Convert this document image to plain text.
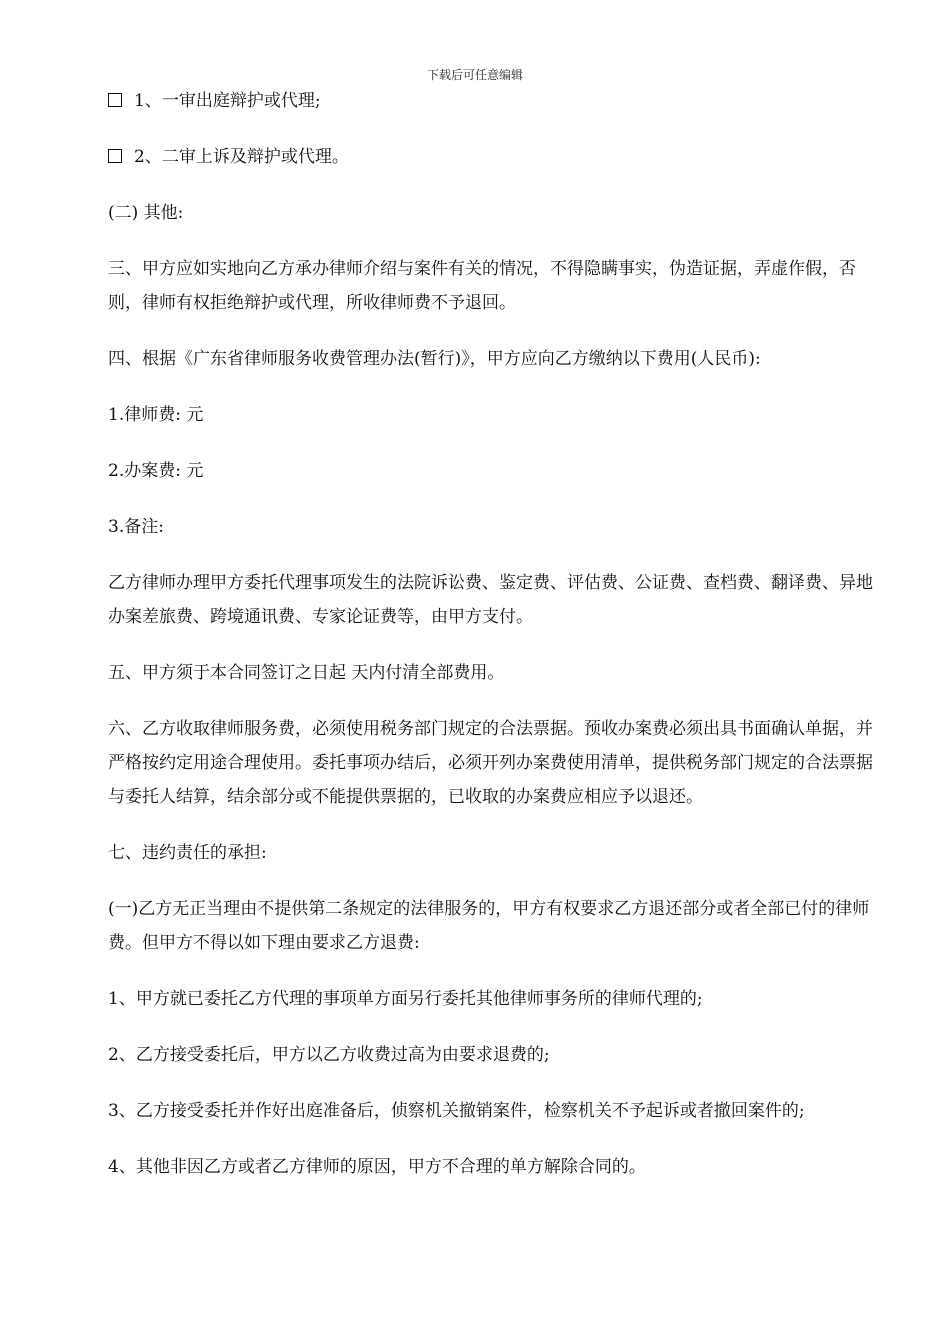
下载后可任意编辑

1、一审出庭辩护或代理;

2、二审上诉及辩护或代理。

(二) 其他:

三、甲方应如实地向乙方承办律师介绍与案件有关的情况，不得隐瞒事实，伪造证据，弄虚作假，否则，律师有权拒绝辩护或代理，所收律师费不予退回。

四、根据《广东省律师服务收费管理办法(暂行)》，甲方应向乙方缴纳以下费用(人民币):

1.律师费: 元

2.办案费: 元

3.备注:

乙方律师办理甲方委托代理事项发生的法院诉讼费、鉴定费、评估费、公证费、查档费、翻译费、异地办案差旅费、跨境通讯费、专家论证费等，由甲方支付。

五、甲方须于本合同签订之日起 天内付清全部费用。

六、乙方收取律师服务费，必须使用税务部门规定的合法票据。预收办案费必须出具书面确认单据，并严格按约定用途合理使用。委托事项办结后，必须开列办案费使用清单，提供税务部门规定的合法票据与委托人结算，结余部分或不能提供票据的，已收取的办案费应相应予以退还。

七、违约责任的承担:

(一)乙方无正当理由不提供第二条规定的法律服务的，甲方有权要求乙方退还部分或者全部已付的律师费。但甲方不得以如下理由要求乙方退费:

1、甲方就已委托乙方代理的事项单方面另行委托其他律师事务所的律师代理的;

2、乙方接受委托后，甲方以乙方收费过高为由要求退费的;

3、乙方接受委托并作好出庭准备后，侦察机关撤销案件，检察机关不予起诉或者撤回案件的;

4、其他非因乙方或者乙方律师的原因，甲方不合理的单方解除合同的。
